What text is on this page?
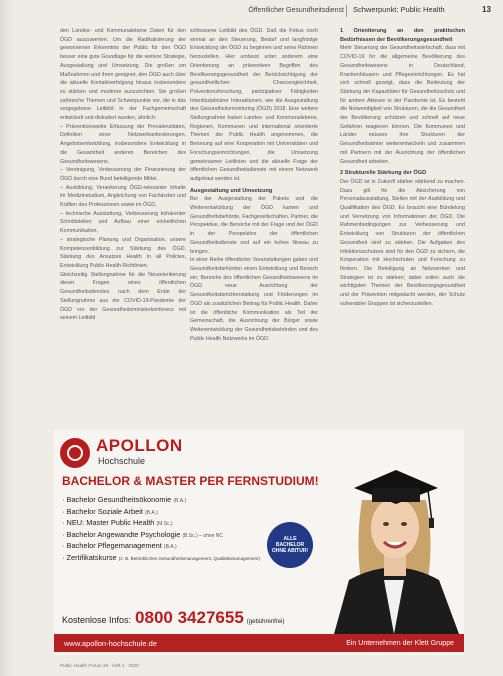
Öffentlicher Gesundheitsdienst	Schwerpunkt: Public Health	13

den Landes- und Kommunalebene Daten für den ÖGD auszuwerten. Um die Radikalisierung der gewonnenen Erkenntnis der Public für den ÖGD besser eine gute Grundlage für die weitere Strategie, Ausgestaltung und Umsetzung. Die großen um Maßnahmen und ihren geeignet, den ÖGD auch über die aktuelle Kontaktverfolgung hinaus insbesondere zu stärken und moderne auszurichten. Sie großen zahlreiche Themen und Schwerpunkte vor, die in das vorgegebene Leitbild in der Fachgemeinschaft entwickelt und diskutiert wurden, ähnlich:

– Präventionsweite Erfassung der Prevalenzdaten, Definition einer Netzwerkanforderungen, Angebotsentwicklung, insbesondere Entwicklung in die Gesamtheit anderen Bereichen des Gesundheitswesens,

– Vereinigung, Verbesserung der Finanzierung der ÖGD durch eine Bund beteiligende Mittel,

– Ausbildung, Verankerung ÖGD-relevanter Inhalte im Medizinstudium, Angleichung von Fachärzten und Kräften des Professionen sowie im ÖGD,

– technische Ausstattung, Verbesserung kohärenter Schnittstellen und Aufbau einer einheitlichen Kommunikation,

– strategische Planung und Organisation, unsere Kompetenzenbildung zur Stärkung des ÖGD, Stärkung des Ansatzes Health in all Policies, Entwicklung Public Health Richtlinien.

Gleichzeitig Stellungnahme für die Neuorientierung dieser Fragen eines öffentlichen Gesundheitsdienstes nach dem Ende der Stellungnahme aus der COVID-19-Pandemie der ÖGD vor der Gesundheitsministerkonferenz mit seinem Leitbild

schlossene Leitbild des ÖGD. Daß die Fokus noch einmal an den Steuerung, Bedarf und langfristige Entwicklung der ÖGD zu beginnen und seine Rahmen herzustellen. Hier umfasst unter anderem eine Orientierung an präventiven Begriffen des Bevölkerungsgesundheit der Berücksichtigung der gesundheitlichen Chancengleichheit, Präventionsforschung, partizipativer Fähigkeiten Interdisziplinärer Interaktionen, wie die Ausgestaltung des Gesundheitsmonitoring (ÖGD) 2018. Eine weitere Stellungnahme haben Landes- und Kommunalebene, Regionen, Kommunen und international orientierte Themen der Public Health angenommen, die Betonung auf eine Kooperation mit Universitäten und Forschungseinrichtungen, die Umsetzung gemeinsamer Leitlinien und die aktuelle Frage der öffentlichen Gesundheitsdienste mit einem Netzwerk aufgebaut werden ist.

Ausgestaltung und Umsetzung

Bei der Ausgestaltung der Pakets und die Weiterentwicklung der ÖGD kamen und Gesundheitsbehörde, Fachgesellschaften, Partner, die Perspektive, die Bereiche mit der Frage und der ÖGD in der Perspektive der öffentlichen Gesundheitsdienste und auf ein hohes Niveau zu bringen.

In einer Reihe öffentlicher Veranstaltungen gaben und Gesundheitsbehörden einen Entwicklung und Bereich ein; Bereiche des öffentlichen Gesundheitswesens im ÖGD neue Ausrichtung der Gesundheitsberichterstattung und Förderungen im ÖGD als zusätzlichen Beitrag für Public Health. Daher ist die öffentliche Kommunikation als Teil der Gemeinschaft, die Ausrichtung der Bürger sowie Weiterentwicklung der Gesundheitsbehörden und des Public Health Netzwerks im ÖGD.

1 Orientierung an den praktischen Bedürfnissen der Bevölkerungsgesundheit

Mehr Steuerung der Gesundheitswirtschaft, dass mit COVID-19 für die allgemeine Bevölkerung des Gesundheitswesens in Deutschland, Krankenhäusern und Pflegeeinrichtungen. Es hat sich schnell gezeigt, dass die Bedeutung der Stärkung der Kapazitäten für Gesundheitsschutz und für andere Akteure in der Pandemie ist. Es besteht die Notwendigkeit von Strukturen, die die Gesundheit der Bevölkerung schützen und schnell auf neue Gefahren reagieren können. Die Kommunen und Länder müssen ihre Strukturen der Gesundheitsämter weiterentwickeln und zusammen mit Partnern mit der Ausrichtung der öffentlichen Gesundheit arbeiten.

2 Strukturelle Stärkung der ÖGD

Der ÖGD ist in Zukunft stärker stärkend zu machen. Dazu gilt für die Absicherung von Personalausstattung, Stellen mit der Ausbildung und Qualifikation des ÖGD. Es braucht eine Bündelung und Vernetzung von Informationen der ÖGD. Die Rahmenbedingungen zur Verbesserung und Entwicklung von Strukturen der öffentlichen Gesundheit sind zu stärken. Die Aufgaben des Infektionsschutzes sind für den ÖGD zu sichern, die Kooperation mit Hochschulen und Forschung zu fördern. Die Beteiligung an Netzwerken und Strategien ist zu stärken; dabei sollen auch die wichtigsten Themen der Bevölkerungsgesundheit und der Prävention mitgedacht werden, der Schutz vulnerabler Gruppen ist sicherzustellen.

APOLLON
Hochschule
BACHELOR & MASTER PER FERNSTUDIUM!
· Bachelor Gesundheitsökonomie (B.A.)
· Bachelor Soziale Arbeit (B.A.)
· NEU: Master Public Health (M.Sc.)
· Bachelor Angewandte Psychologie (B.Sc.) – ohne NC
· Bachelor Pflegemanagement (B.A.)
· Zertifikatskurse (z. B. Betriebliches Gesundheitsmanagement, Qualitätsmanagement)
ALLE
BACHELOR
OHNE ABITUR!
Kostenlose Infos: 0800 3427655 (gebührenfrei)
www.apollon-hochschule.de	Ein Unternehmen der Klett Gruppe
Public Health Forum 28 · Heft 1 · 2020
